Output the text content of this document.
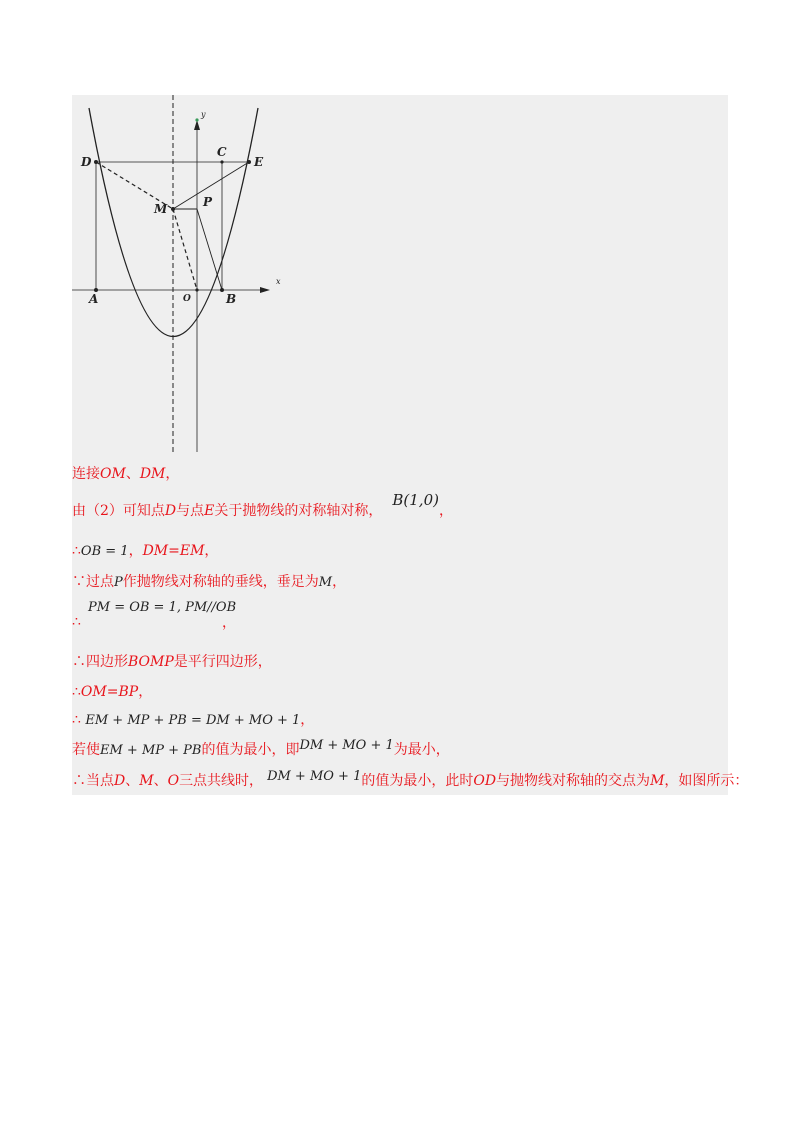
D
C
E
M	P
A	O	B
x
y
连接OM、DM，
由（2）可知点D与点E关于抛物线的对称轴对称，B(1,0)，
∴OB = 1，DM=EM，
∵过点P作抛物线对称轴的垂线，垂足为M，
∴
PM = OB = 1, PM//OB
，
∴四边形BOMP是平行四边形，
∴OM=BP，
∴ EM + MP + PB = DM + MO + 1，
若使EM + MP + PB的值为最小，即DM + MO + 1为最小，
∴当点D、M、O三点共线时， DM + MO + 1的值为最小，此时OD与抛物线对称轴的交点为M，如图所示：
